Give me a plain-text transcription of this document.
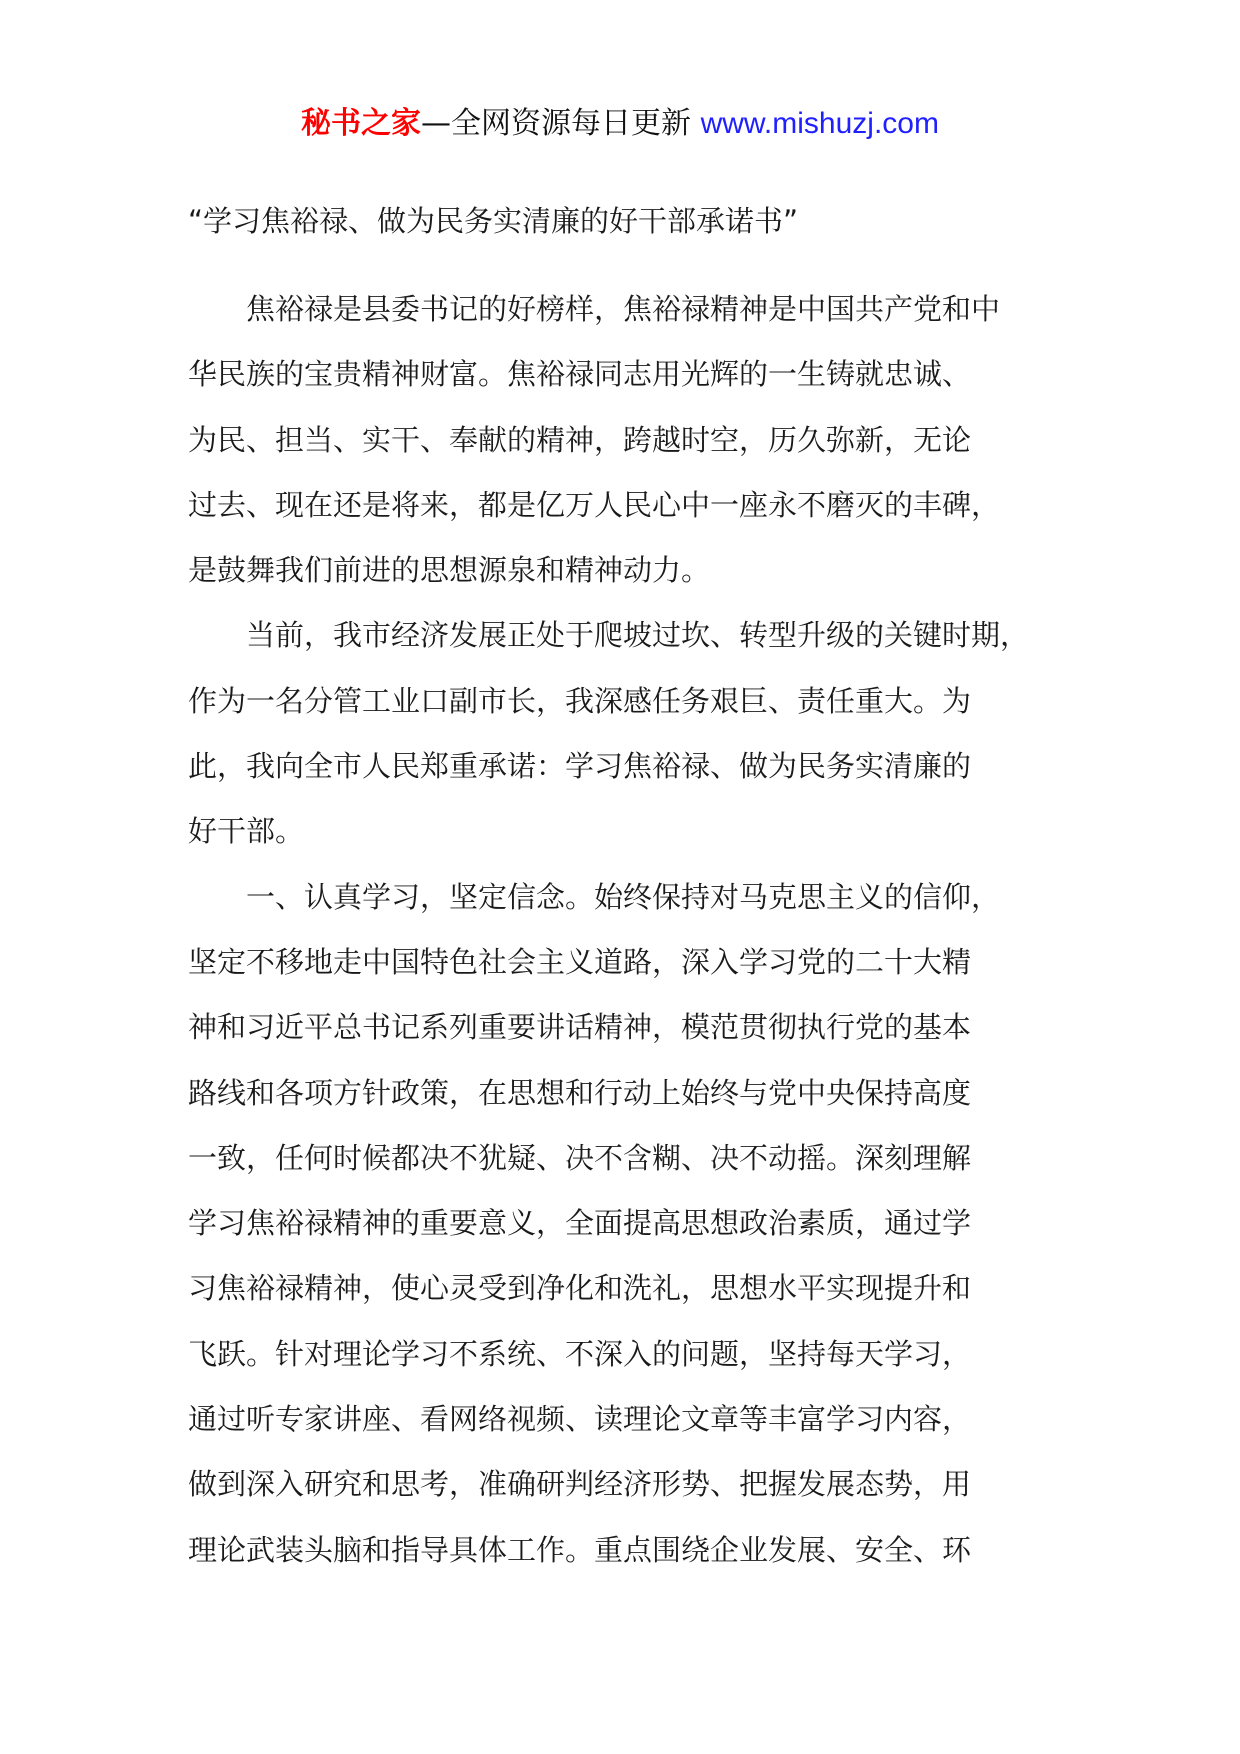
秘书之家—全网资源每日更新 www.mishuzj.com
“学习焦裕禄、做为民务实清廉的好干部承诺书”

　　焦裕禄是县委书记的好榜样，焦裕禄精神是中国共产党和中
华民族的宝贵精神财富。焦裕禄同志用光辉的一生铸就忠诚、
为民、担当、实干、奉献的精神，跨越时空，历久弥新，无论
过去、现在还是将来，都是亿万人民心中一座永不磨灭的丰碑，
是鼓舞我们前进的思想源泉和精神动力。

　　当前，我市经济发展正处于爬坡过坎、转型升级的关键时期，
作为一名分管工业口副市长，我深感任务艰巨、责任重大。为
此，我向全市人民郑重承诺：学习焦裕禄、做为民务实清廉的
好干部。

　　一、认真学习，坚定信念。始终保持对马克思主义的信仰，
坚定不移地走中国特色社会主义道路，深入学习党的二十大精
神和习近平总书记系列重要讲话精神，模范贯彻执行党的基本
路线和各项方针政策，在思想和行动上始终与党中央保持高度
一致，任何时候都决不犹疑、决不含糊、决不动摇。深刻理解
学习焦裕禄精神的重要意义，全面提高思想政治素质，通过学
习焦裕禄精神，使心灵受到净化和洗礼，思想水平实现提升和
飞跃。针对理论学习不系统、不深入的问题，坚持每天学习，
通过听专家讲座、看网络视频、读理论文章等丰富学习内容，
做到深入研究和思考，准确研判经济形势、把握发展态势，用
理论武装头脑和指导具体工作。重点围绕企业发展、安全、环
